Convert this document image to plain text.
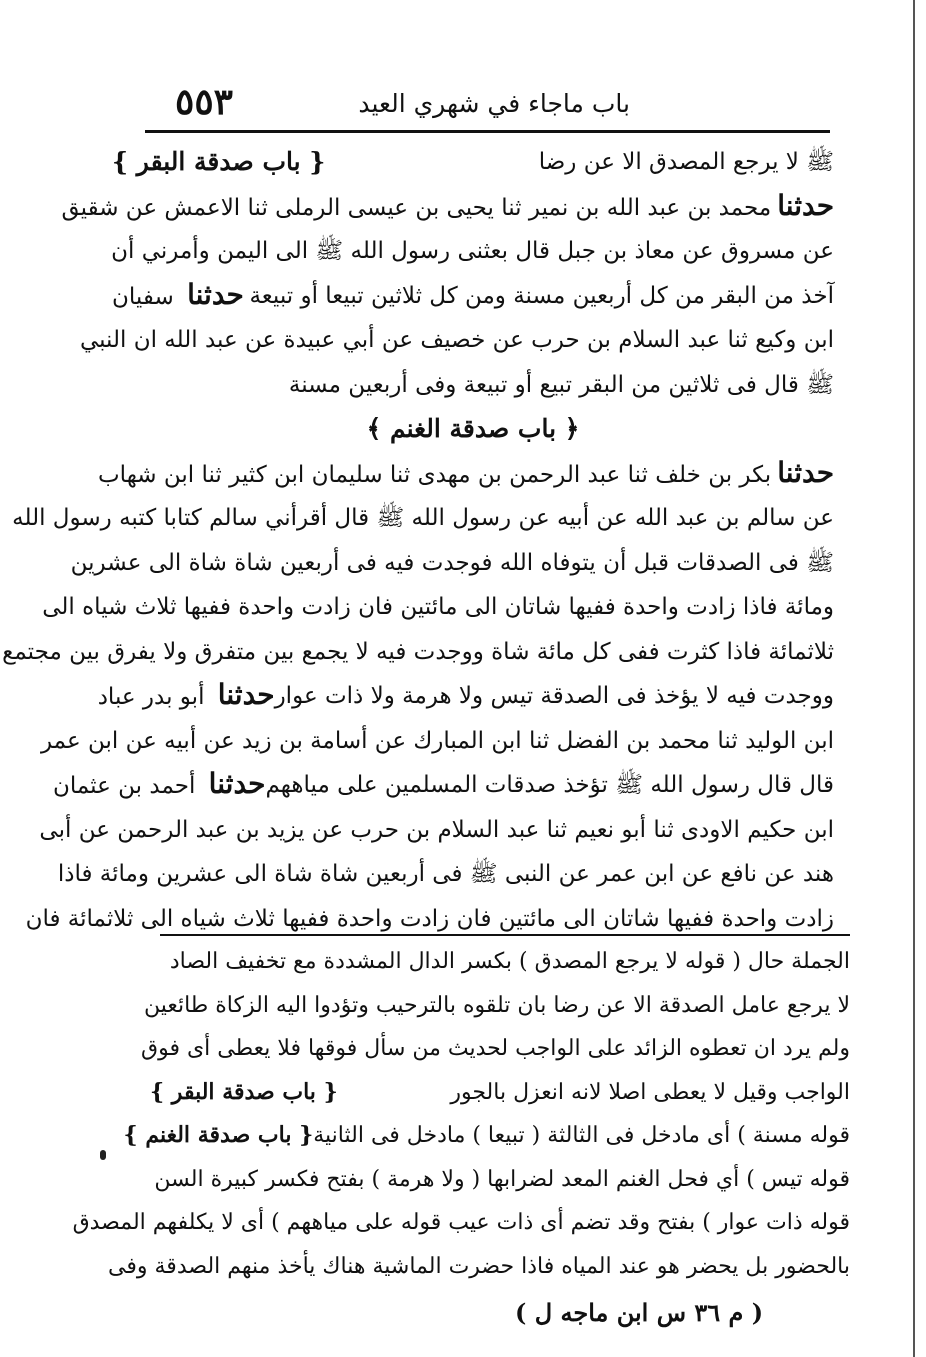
باب ماجاء في شهري العيد
٥٥٣
ﷺ لا يرجع المصدق الا عن رضا
{ باب صدقة البقر }
حدثنامحمد بن عبد الله بن نمير ثنا يحيى بن عيسى الرملى ثنا الاعمش عن شقيق
عن مسروق عن معاذ بن جبل قال بعثنى رسول الله ﷺ الى اليمن وأمرني أن
آخذ من البقر من كل أربعين مسنة ومن كل ثلاثين تبيعا أو تبيعة
حدثنا سفيان
ابن وكيع ثنا عبد السلام بن حرب عن خصيف عن أبي عبيدة عن عبد الله ان النبي
ﷺ قال فى ثلاثين من البقر تبيع أو تبيعة وفى أربعين مسنة
﴿ باب صدقة الغنم ﴾
حدثنابكر بن خلف ثنا عبد الرحمن بن مهدى ثنا سليمان ابن كثير ثنا ابن شهاب
عن سالم بن عبد الله عن أبيه عن رسول الله ﷺ قال أقرأني سالم كتابا كتبه رسول الله
ﷺ فى الصدقات قبل أن يتوفاه الله فوجدت فيه فى أربعين شاة شاة الى عشرين
ومائة فاذا زادت واحدة ففيها شاتان الى مائتين فان زادت واحدة ففيها ثلاث شياه الى
ثلاثمائة فاذا كثرت ففى كل مائة شاة ووجدت فيه لا يجمع بين متفرق ولا يفرق بين مجتمع
ووجدت فيه لا يؤخذ فى الصدقة تيس ولا هرمة ولا ذات عوار
حدثنا أبو بدر عباد
ابن الوليد ثنا محمد بن الفضل ثنا ابن المبارك عن أسامة بن زيد عن أبيه عن ابن عمر
قال قال رسول الله ﷺ تؤخذ صدقات المسلمين على مياههم
حدثنا أحمد بن عثمان
ابن حكيم الاودى ثنا أبو نعيم ثنا عبد السلام بن حرب عن يزيد بن عبد الرحمن عن أبى
هند عن نافع عن ابن عمر عن النبى ﷺ فى أربعين شاة شاة الى عشرين ومائة فاذا
زادت واحدة ففيها شاتان الى مائتين فان زادت واحدة ففيها ثلاث شياه الى ثلاثمائة فان
الجملة حال ( قوله لا يرجع المصدق ) بكسر الدال المشددة مع تخفيف الصاد
لا يرجع عامل الصدقة الا عن رضا بان تلقوه بالترحيب وتؤدوا اليه الزكاة طائعين
ولم يرد ان تعطوه الزائد على الواجب لحديث من سأل فوقها فلا يعطى أى فوق
الواجب وقيل لا يعطى اصلا لانه انعزل بالجور
{ باب صدقة البقر }
قوله مسنة ) أى مادخل فى الثالثة ( تبيعا ) مادخل فى الثانية
{ باب صدقة الغنم }
قوله تيس ) أي فحل الغنم المعد لضرابها ( ولا هرمة ) بفتح فكسر كبيرة السن
قوله ذات عوار ) بفتح وقد تضم أى ذات عيب قوله على مياههم ) أى لا يكلفهم المصدق
بالحضور بل يحضر هو عند المياه فاذا حضرت الماشية هناك يأخذ منهم الصدقة وفى
( م ٣٦ س ابن ماجه ل )
